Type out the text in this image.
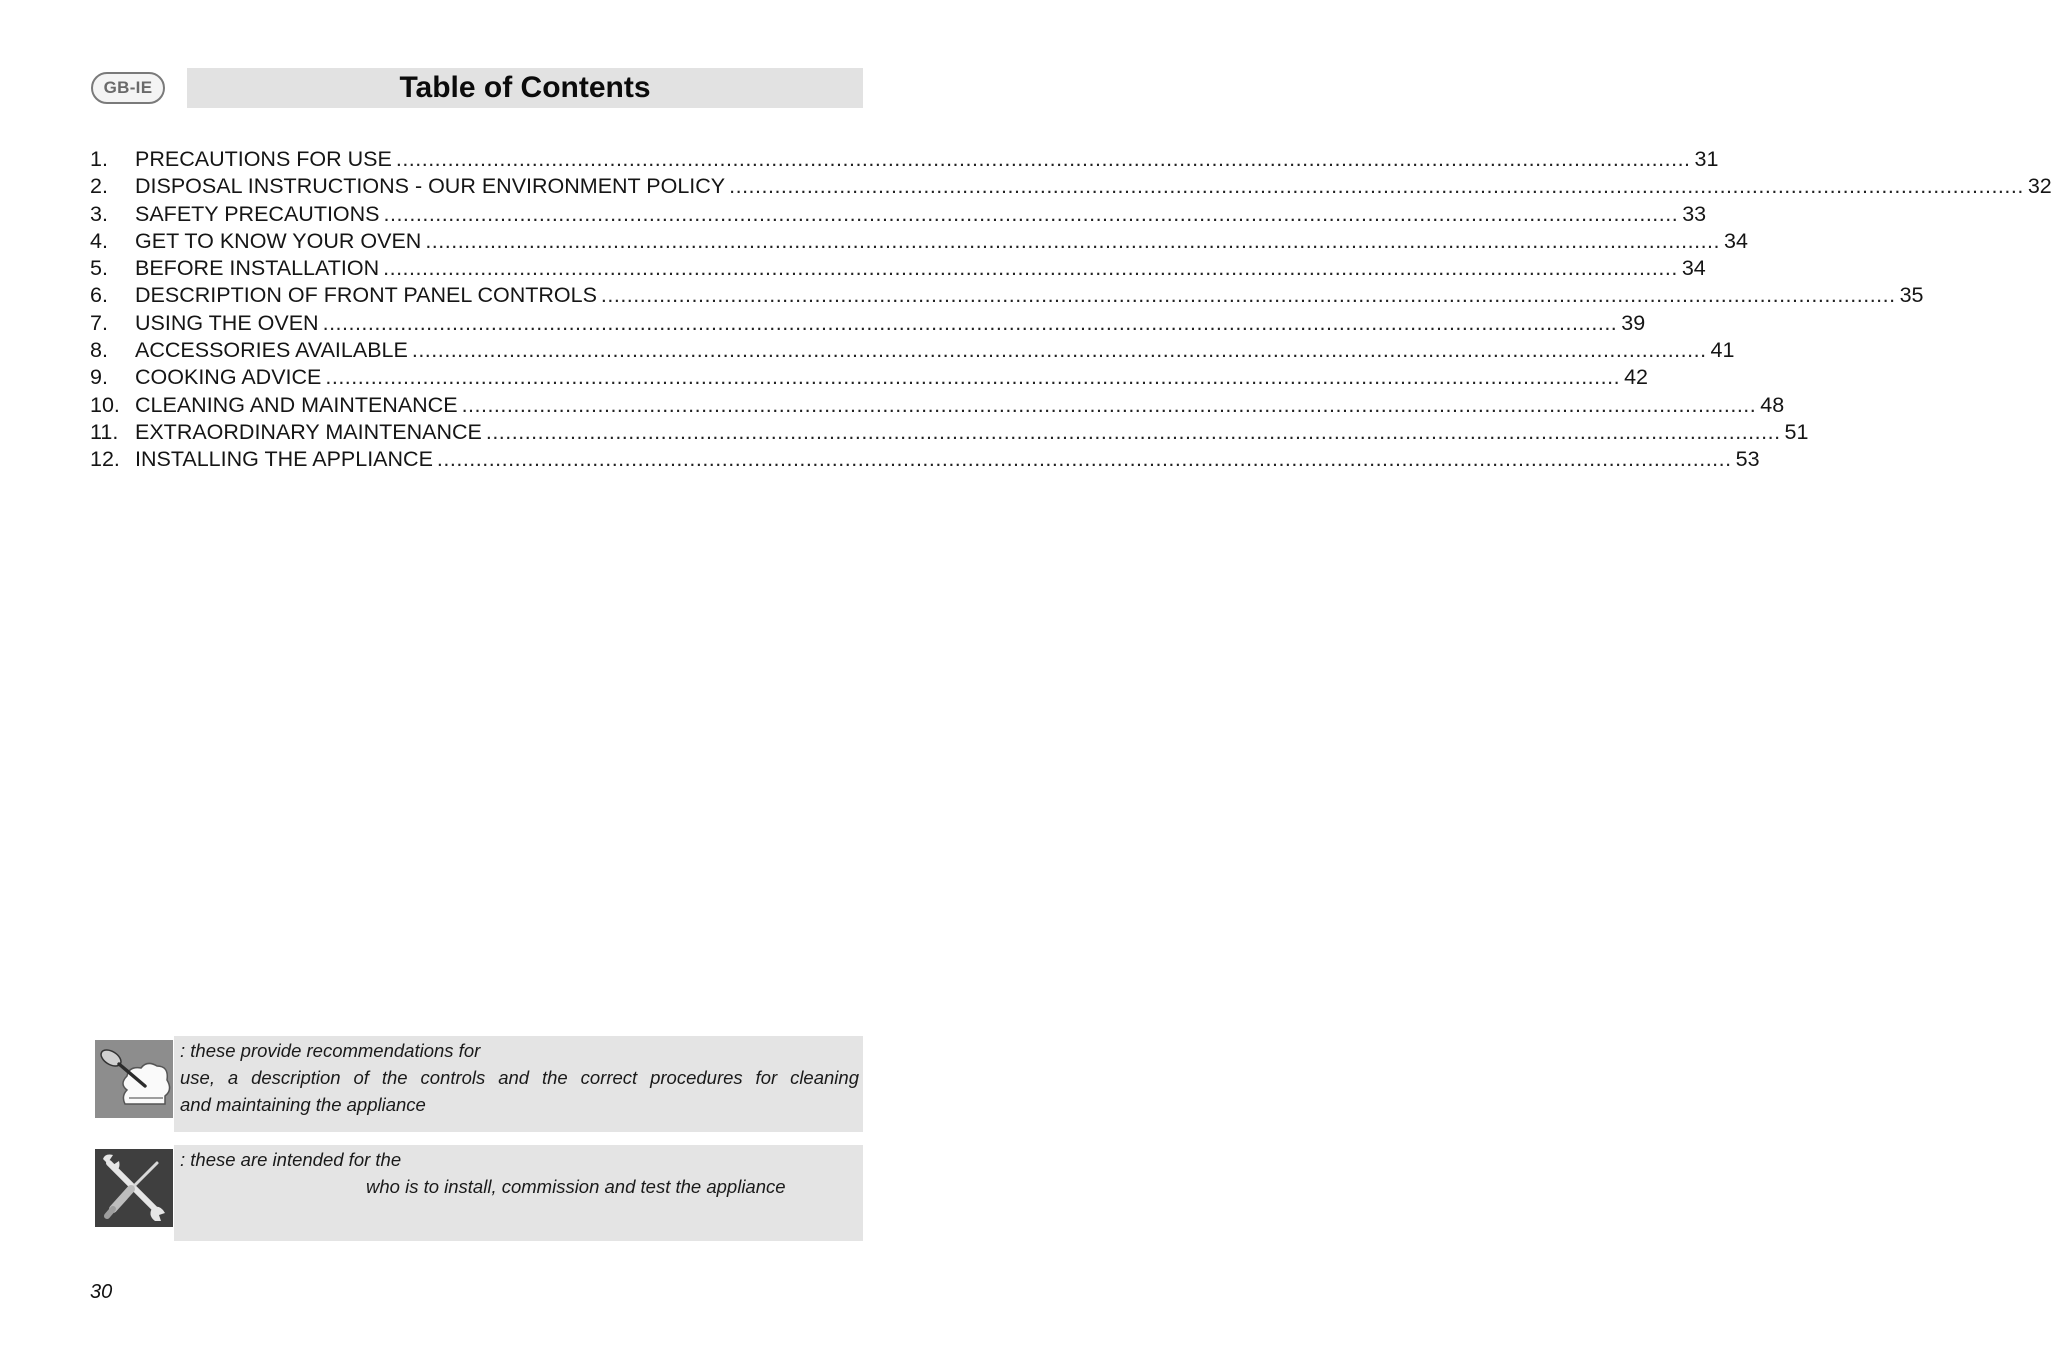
GB-IE	Table of Contents
1.	PRECAUTIONS FOR USE ........................................................................................................................................................................................................ 31
2.	DISPOSAL INSTRUCTIONS - OUR ENVIRONMENT POLICY ........................................................................................................................................................................................................ 32
3.	SAFETY PRECAUTIONS ........................................................................................................................................................................................................ 33
4.	GET TO KNOW YOUR OVEN ........................................................................................................................................................................................................ 34
5.	BEFORE INSTALLATION ........................................................................................................................................................................................................ 34
6.	DESCRIPTION OF FRONT PANEL CONTROLS ........................................................................................................................................................................................................ 35
7.	USING THE OVEN ........................................................................................................................................................................................................ 39
8.	ACCESSORIES AVAILABLE ........................................................................................................................................................................................................ 41
9.	COOKING ADVICE ........................................................................................................................................................................................................ 42
10. CLEANING AND MAINTENANCE ........................................................................................................................................................................................................ 48
11. EXTRAORDINARY MAINTENANCE ........................................................................................................................................................................................................ 51
12. INSTALLING THE APPLIANCE ........................................................................................................................................................................................................ 53

: these provide recommendations for

use, a description of the controls and the correct procedures for cleaning

and maintaining the appliance

: these are intended for the

who is to install, commission and test the appliance

30
